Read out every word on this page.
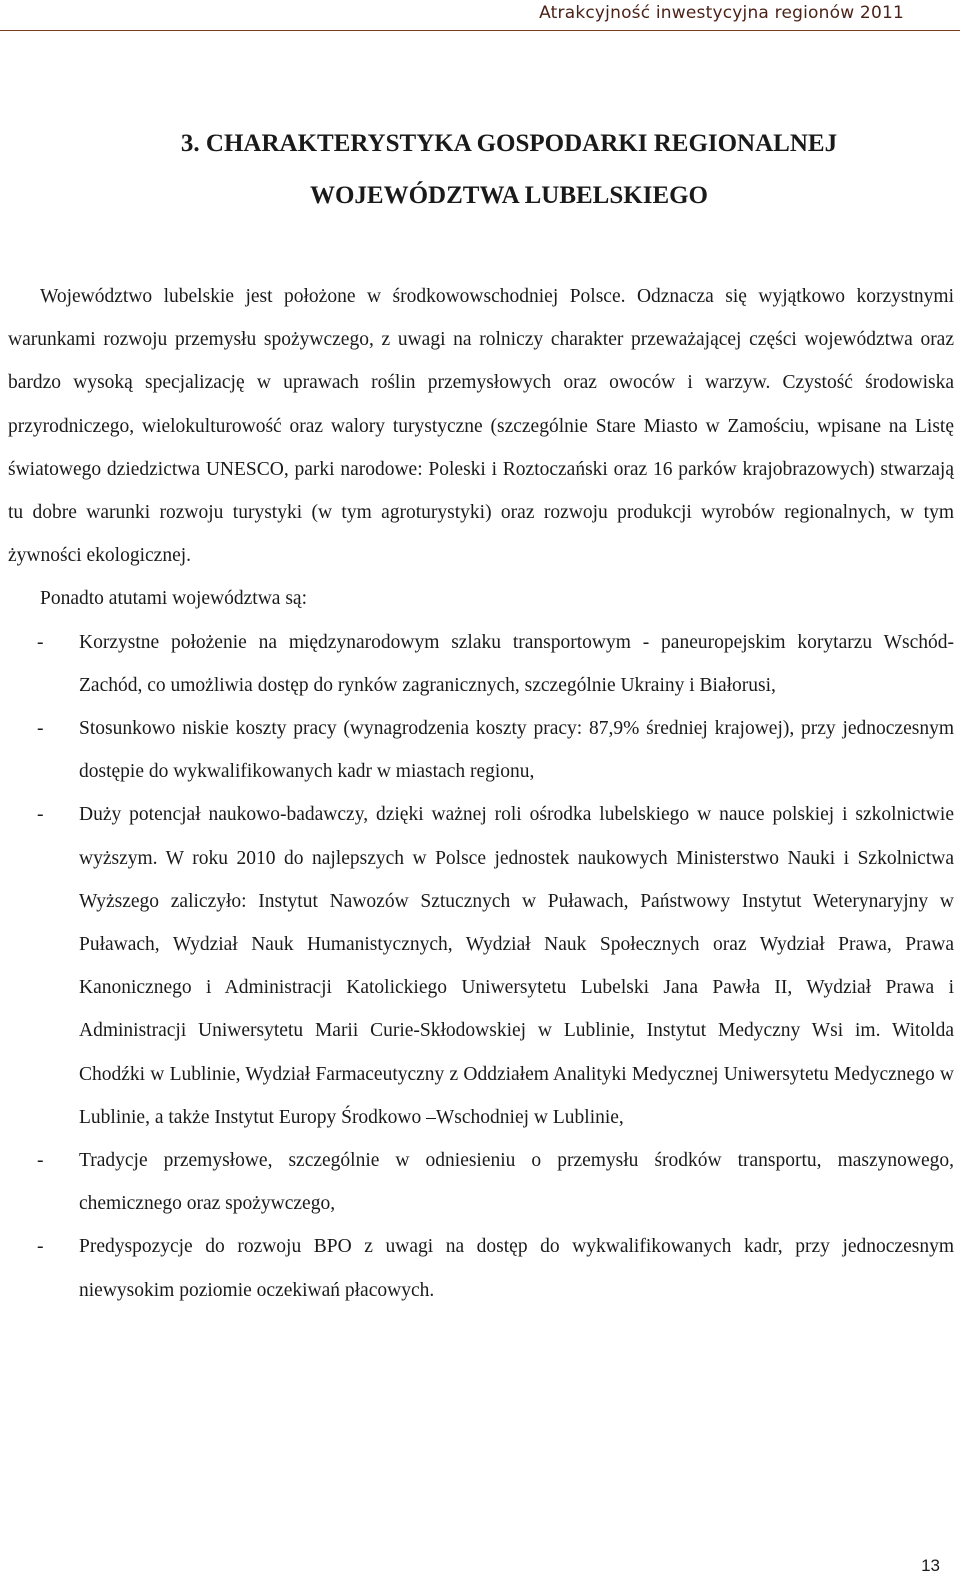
Atrakcyjność inwestycyjna regionów 2011
3. CHARAKTERYSTYKA GOSPODARKI REGIONALNEJ
WOJEWÓDZTWA LUBELSKIEGO

Województwo lubelskie jest położone w środkowowschodniej Polsce. Odznacza się wyjątkowo korzystnymi warunkami rozwoju przemysłu spożywczego, z uwagi na rolniczy charakter przeważającej części województwa oraz bardzo wysoką specjalizację w uprawach roślin przemysłowych oraz owoców i warzyw. Czystość środowiska przyrodniczego, wielokulturowość oraz walory turystyczne (szczególnie Stare Miasto w Zamościu, wpisane na Listę światowego dziedzictwa UNESCO, parki narodowe: Poleski i Roztoczański oraz 16 parków krajobrazowych) stwarzają tu dobre warunki rozwoju turystyki (w tym agroturystyki) oraz rozwoju produkcji wyrobów regionalnych, w tym żywności ekologicznej.

Ponadto atutami województwa są:

- Korzystne położenie na międzynarodowym szlaku transportowym - paneuropejskim korytarzu Wschód-Zachód, co umożliwia dostęp do rynków zagranicznych, szczególnie Ukrainy i Białorusi,
- Stosunkowo niskie koszty pracy (wynagrodzenia koszty pracy: 87,9% średniej krajowej), przy jednoczesnym dostępie do wykwalifikowanych kadr w miastach regionu,
- Duży potencjał naukowo-badawczy, dzięki ważnej roli ośrodka lubelskiego w nauce polskiej i szkolnictwie wyższym. W roku 2010 do najlepszych w Polsce jednostek naukowych Ministerstwo Nauki i Szkolnictwa Wyższego zaliczyło: Instytut Nawozów Sztucznych w Puławach, Państwowy Instytut Weterynaryjny w Puławach, Wydział Nauk Humanistycznych, Wydział Nauk Społecznych oraz Wydział Prawa, Prawa Kanonicznego i Administracji Katolickiego Uniwersytetu Lubelski Jana Pawła II, Wydział Prawa i Administracji Uniwersytetu Marii Curie-Skłodowskiej w Lublinie, Instytut Medyczny Wsi im. Witolda Chodźki w Lublinie, Wydział Farmaceutyczny z Oddziałem Analityki Medycznej Uniwersytetu Medycznego w Lublinie, a także Instytut Europy Środkowo –Wschodniej w Lublinie,
- Tradycje przemysłowe, szczególnie w odniesieniu o przemysłu środków transportu, maszynowego, chemicznego oraz spożywczego,
- Predyspozycje do rozwoju BPO z uwagi na dostęp do wykwalifikowanych kadr, przy jednoczesnym niewysokim poziomie oczekiwań płacowych.
13
